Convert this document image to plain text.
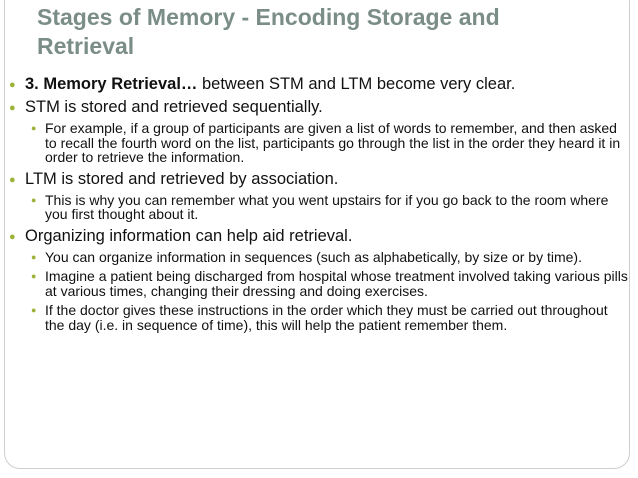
Stages of Memory - Encoding Storage and Retrieval
● 3. Memory Retrieval… between STM and LTM become very clear.
● STM is stored and retrieved sequentially.
● For example, if a group of participants are given a list of words to remember, and then asked to recall the fourth word on the list, participants go through the list in the order they heard it in order to retrieve the information.
● LTM is stored and retrieved by association.
● This is why you can remember what you went upstairs for if you go back to the room where you first thought about it.
● Organizing information can help aid retrieval.
● You can organize information in sequences (such as alphabetically, by size or by time).
● Imagine a patient being discharged from hospital whose treatment involved taking various pills at various times, changing their dressing and doing exercises.
● If the doctor gives these instructions in the order which they must be carried out throughout the day (i.e. in sequence of time), this will help the patient remember them.
